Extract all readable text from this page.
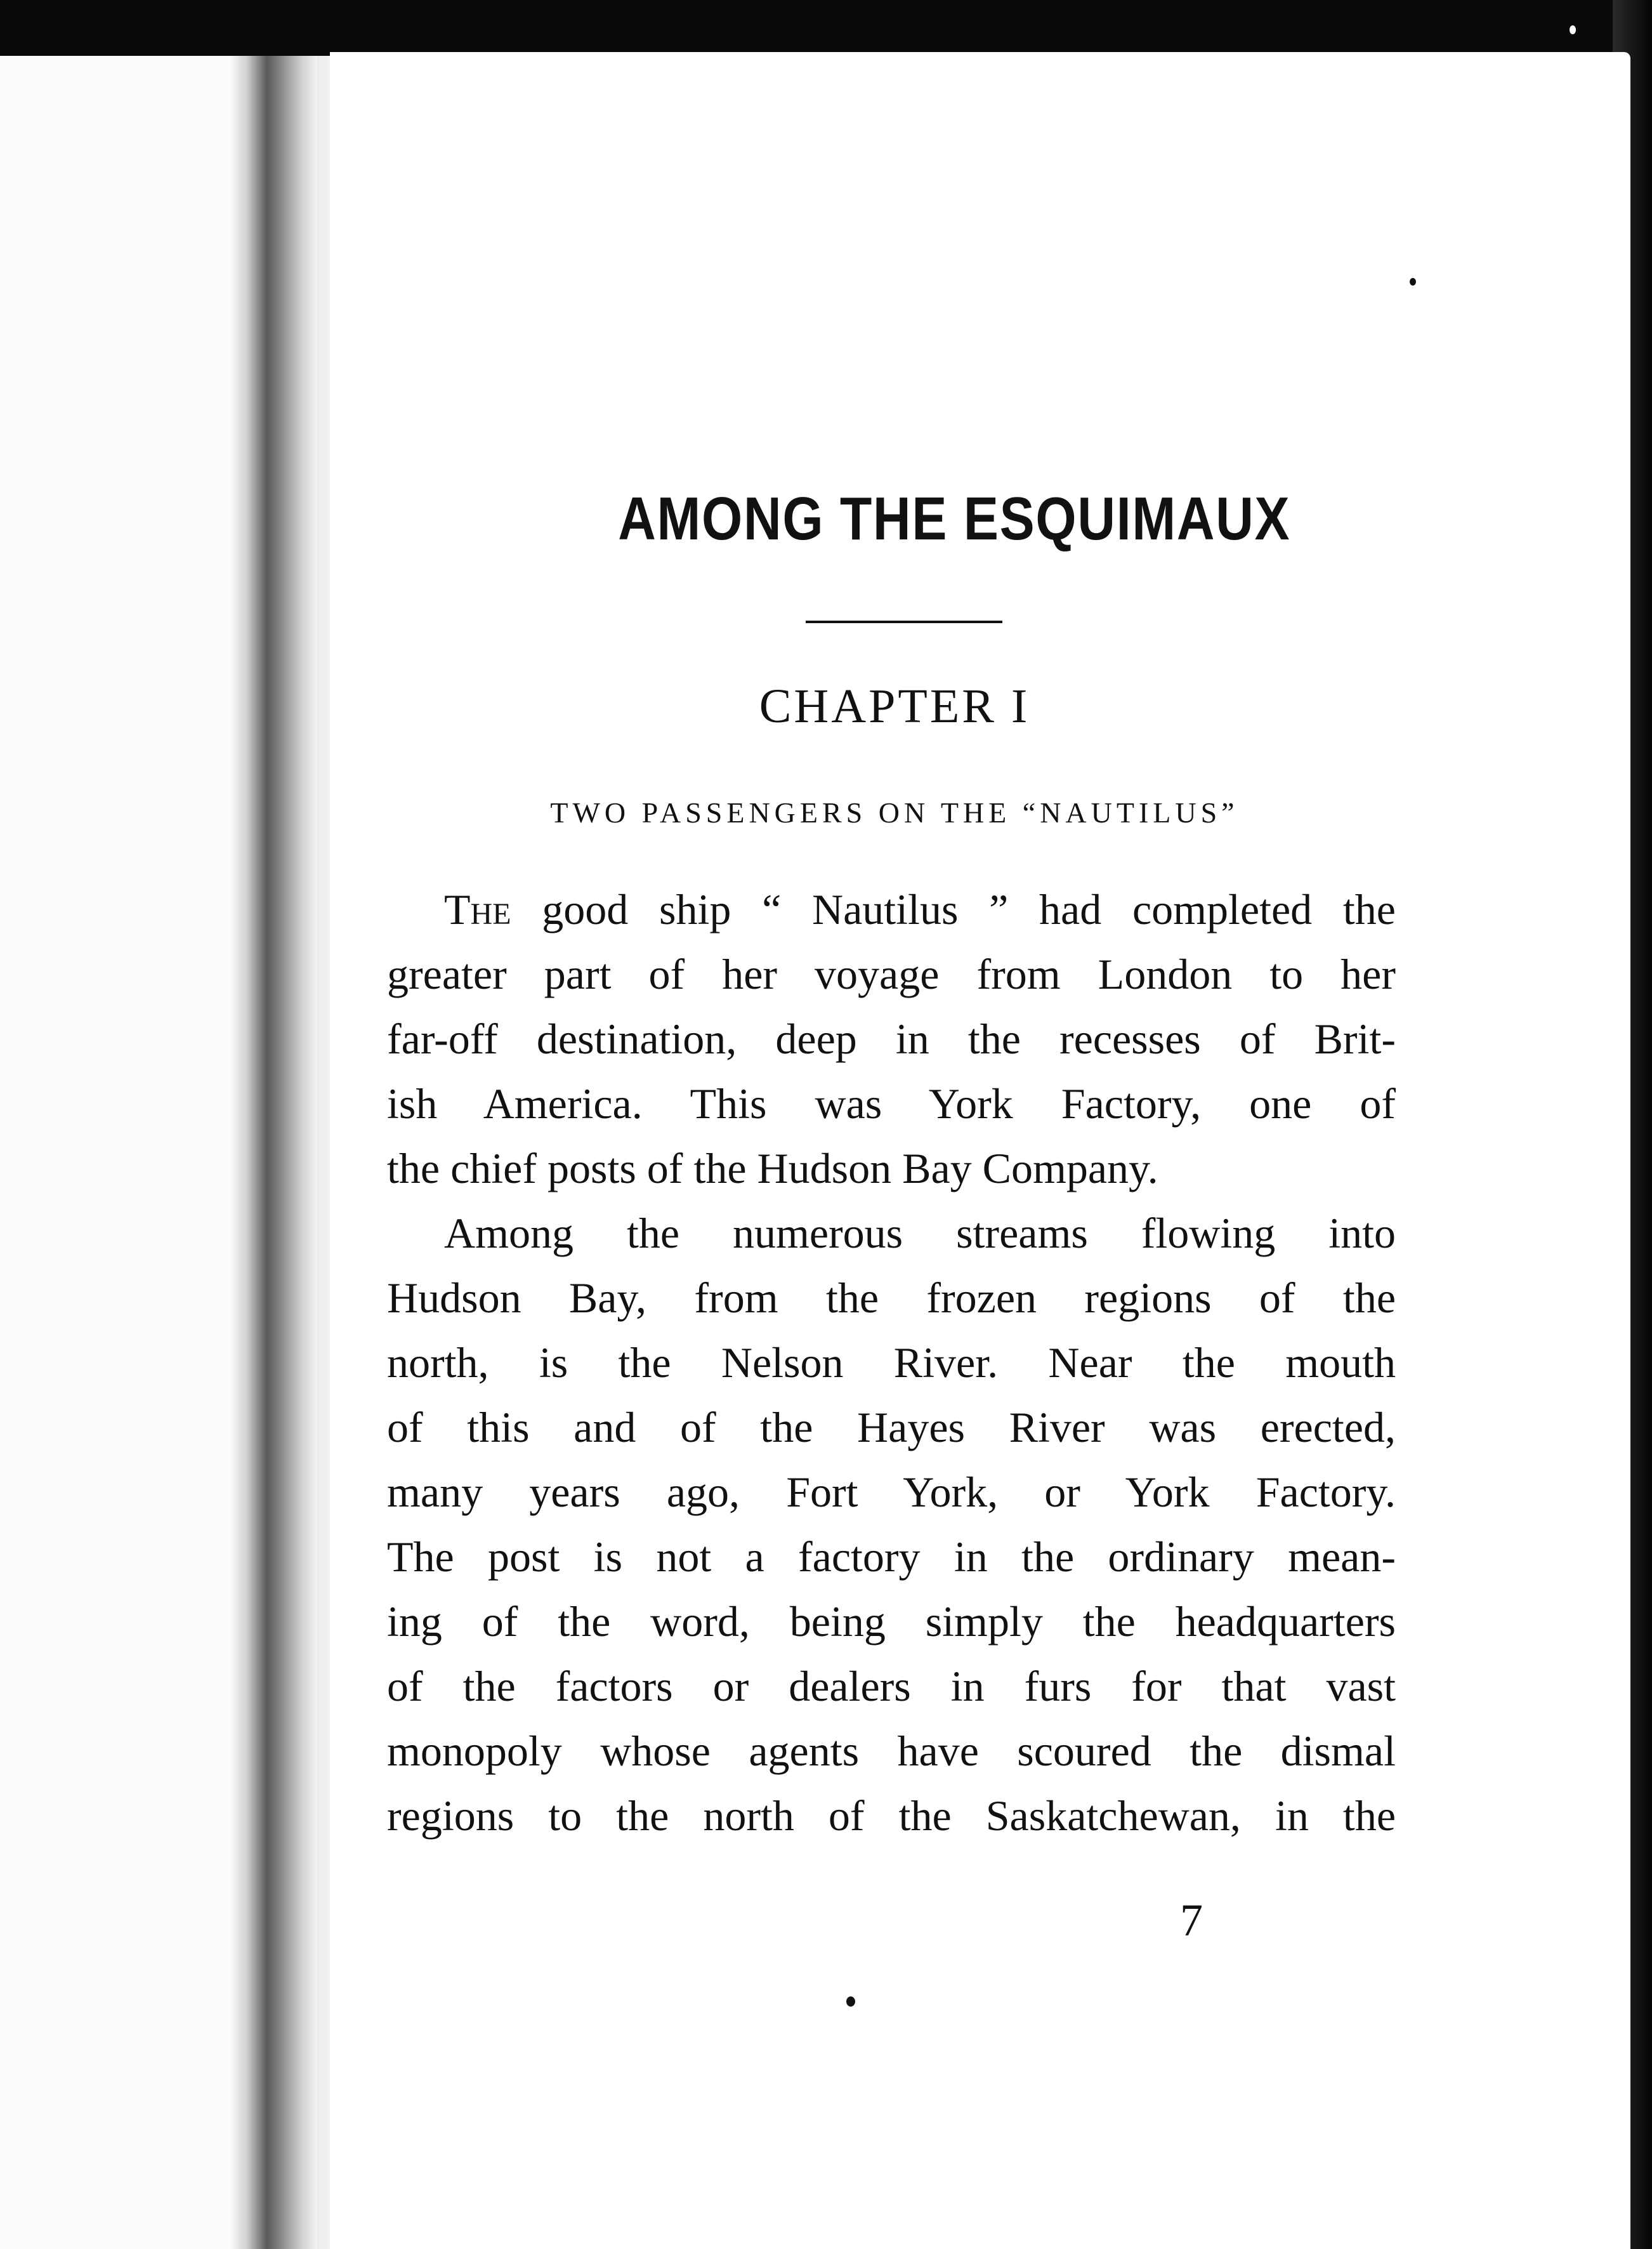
AMONG THE ESQUIMAUX
CHAPTER I
TWO PASSENGERS ON THE “NAUTILUS”
The good ship “ Nautilus ” had completed the
greater part of her voyage from London to her
far-off destination, deep in the recesses of Brit-
ish America. This was York Factory, one of
the chief posts of the Hudson Bay Company.
Among the numerous streams flowing into
Hudson Bay, from the frozen regions of the
north, is the Nelson River. Near the mouth
of this and of the Hayes River was erected,
many years ago, Fort York, or York Factory.
The post is not a factory in the ordinary mean-
ing of the word, being simply the headquarters
of the factors or dealers in furs for that vast
monopoly whose agents have scoured the dismal
regions to the north of the Saskatchewan, in the
7
